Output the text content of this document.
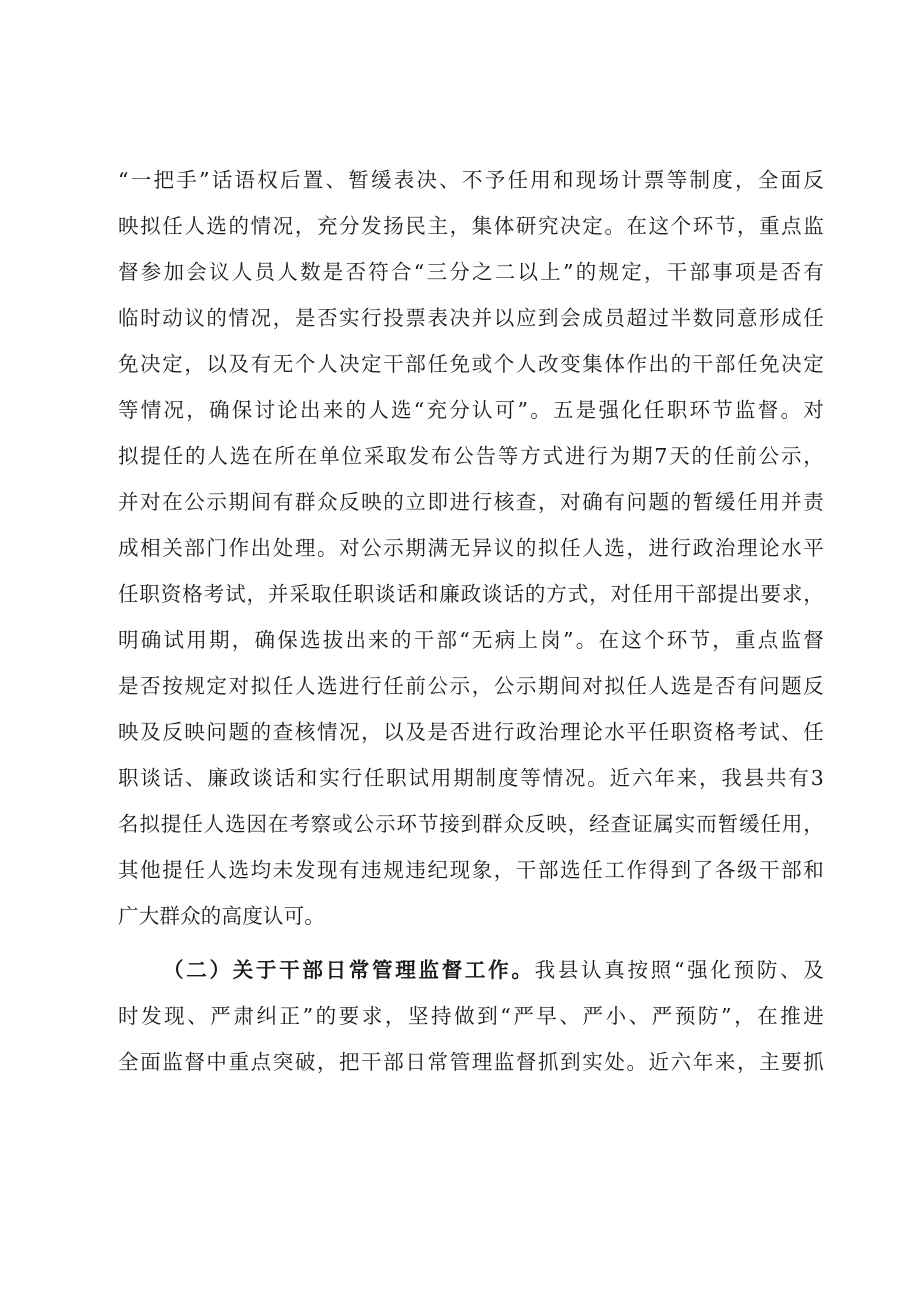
“一把手”话语权后置、暂缓表决、不予任用和现场计票等制度，全面反
映拟任人选的情况，充分发扬民主，集体研究决定。在这个环节，重点监
督参加会议人员人数是否符合“三分之二以上”的规定，干部事项是否有
临时动议的情况，是否实行投票表决并以应到会成员超过半数同意形成任
免决定，以及有无个人决定干部任免或个人改变集体作出的干部任免决定
等情况，确保讨论出来的人选“充分认可”。五是强化任职环节监督。对
拟提任的人选在所在单位采取发布公告等方式进行为期7天的任前公示，
并对在公示期间有群众反映的立即进行核查，对确有问题的暂缓任用并责
成相关部门作出处理。对公示期满无异议的拟任人选，进行政治理论水平
任职资格考试，并采取任职谈话和廉政谈话的方式，对任用干部提出要求，
明确试用期，确保选拔出来的干部“无病上岗”。在这个环节，重点监督
是否按规定对拟任人选进行任前公示，公示期间对拟任人选是否有问题反
映及反映问题的查核情况，以及是否进行政治理论水平任职资格考试、任
职谈话、廉政谈话和实行任职试用期制度等情况。近六年来，我县共有3
名拟提任人选因在考察或公示环节接到群众反映，经查证属实而暂缓任用，
其他提任人选均未发现有违规违纪现象，干部选任工作得到了各级干部和
广大群众的高度认可。
（二）关于干部日常管理监督工作。我县认真按照“强化预防、及
时发现、严肃纠正”的要求，坚持做到“严早、严小、严预防”，在推进
全面监督中重点突破，把干部日常管理监督抓到实处。近六年来，主要抓
